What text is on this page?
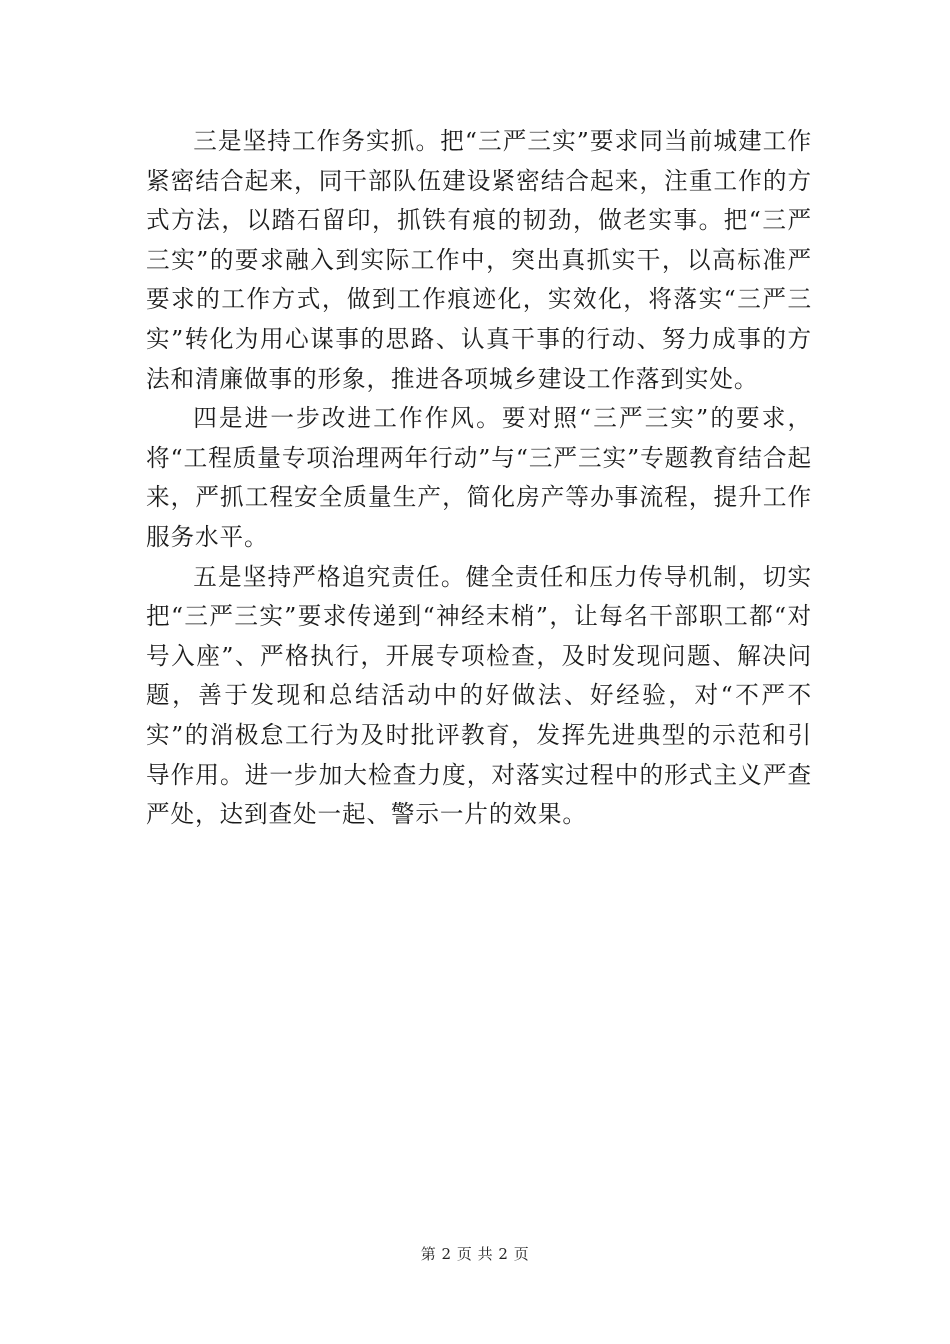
三是坚持工作务实抓。把“三严三实”要求同当前城建工作紧密结合起来，同干部队伍建设紧密结合起来，注重工作的方式方法，以踏石留印，抓铁有痕的韧劲，做老实事。把“三严三实”的要求融入到实际工作中，突出真抓实干，以高标准严要求的工作方式，做到工作痕迹化，实效化，将落实“三严三实”转化为用心谋事的思路、认真干事的行动、努力成事的方法和清廉做事的形象，推进各项城乡建设工作落到实处。

四是进一步改进工作作风。要对照“三严三实”的要求，将“工程质量专项治理两年行动”与“三严三实”专题教育结合起来，严抓工程安全质量生产，简化房产等办事流程，提升工作服务水平。

五是坚持严格追究责任。健全责任和压力传导机制，切实把“三严三实”要求传递到“神经末梢”，让每名干部职工都“对号入座”、严格执行，开展专项检查，及时发现问题、解决问题，善于发现和总结活动中的好做法、好经验，对“不严不实”的消极怠工行为及时批评教育，发挥先进典型的示范和引导作用。进一步加大检查力度，对落实过程中的形式主义严查严处，达到查处一起、警示一片的效果。

第 2 页 共 2 页
